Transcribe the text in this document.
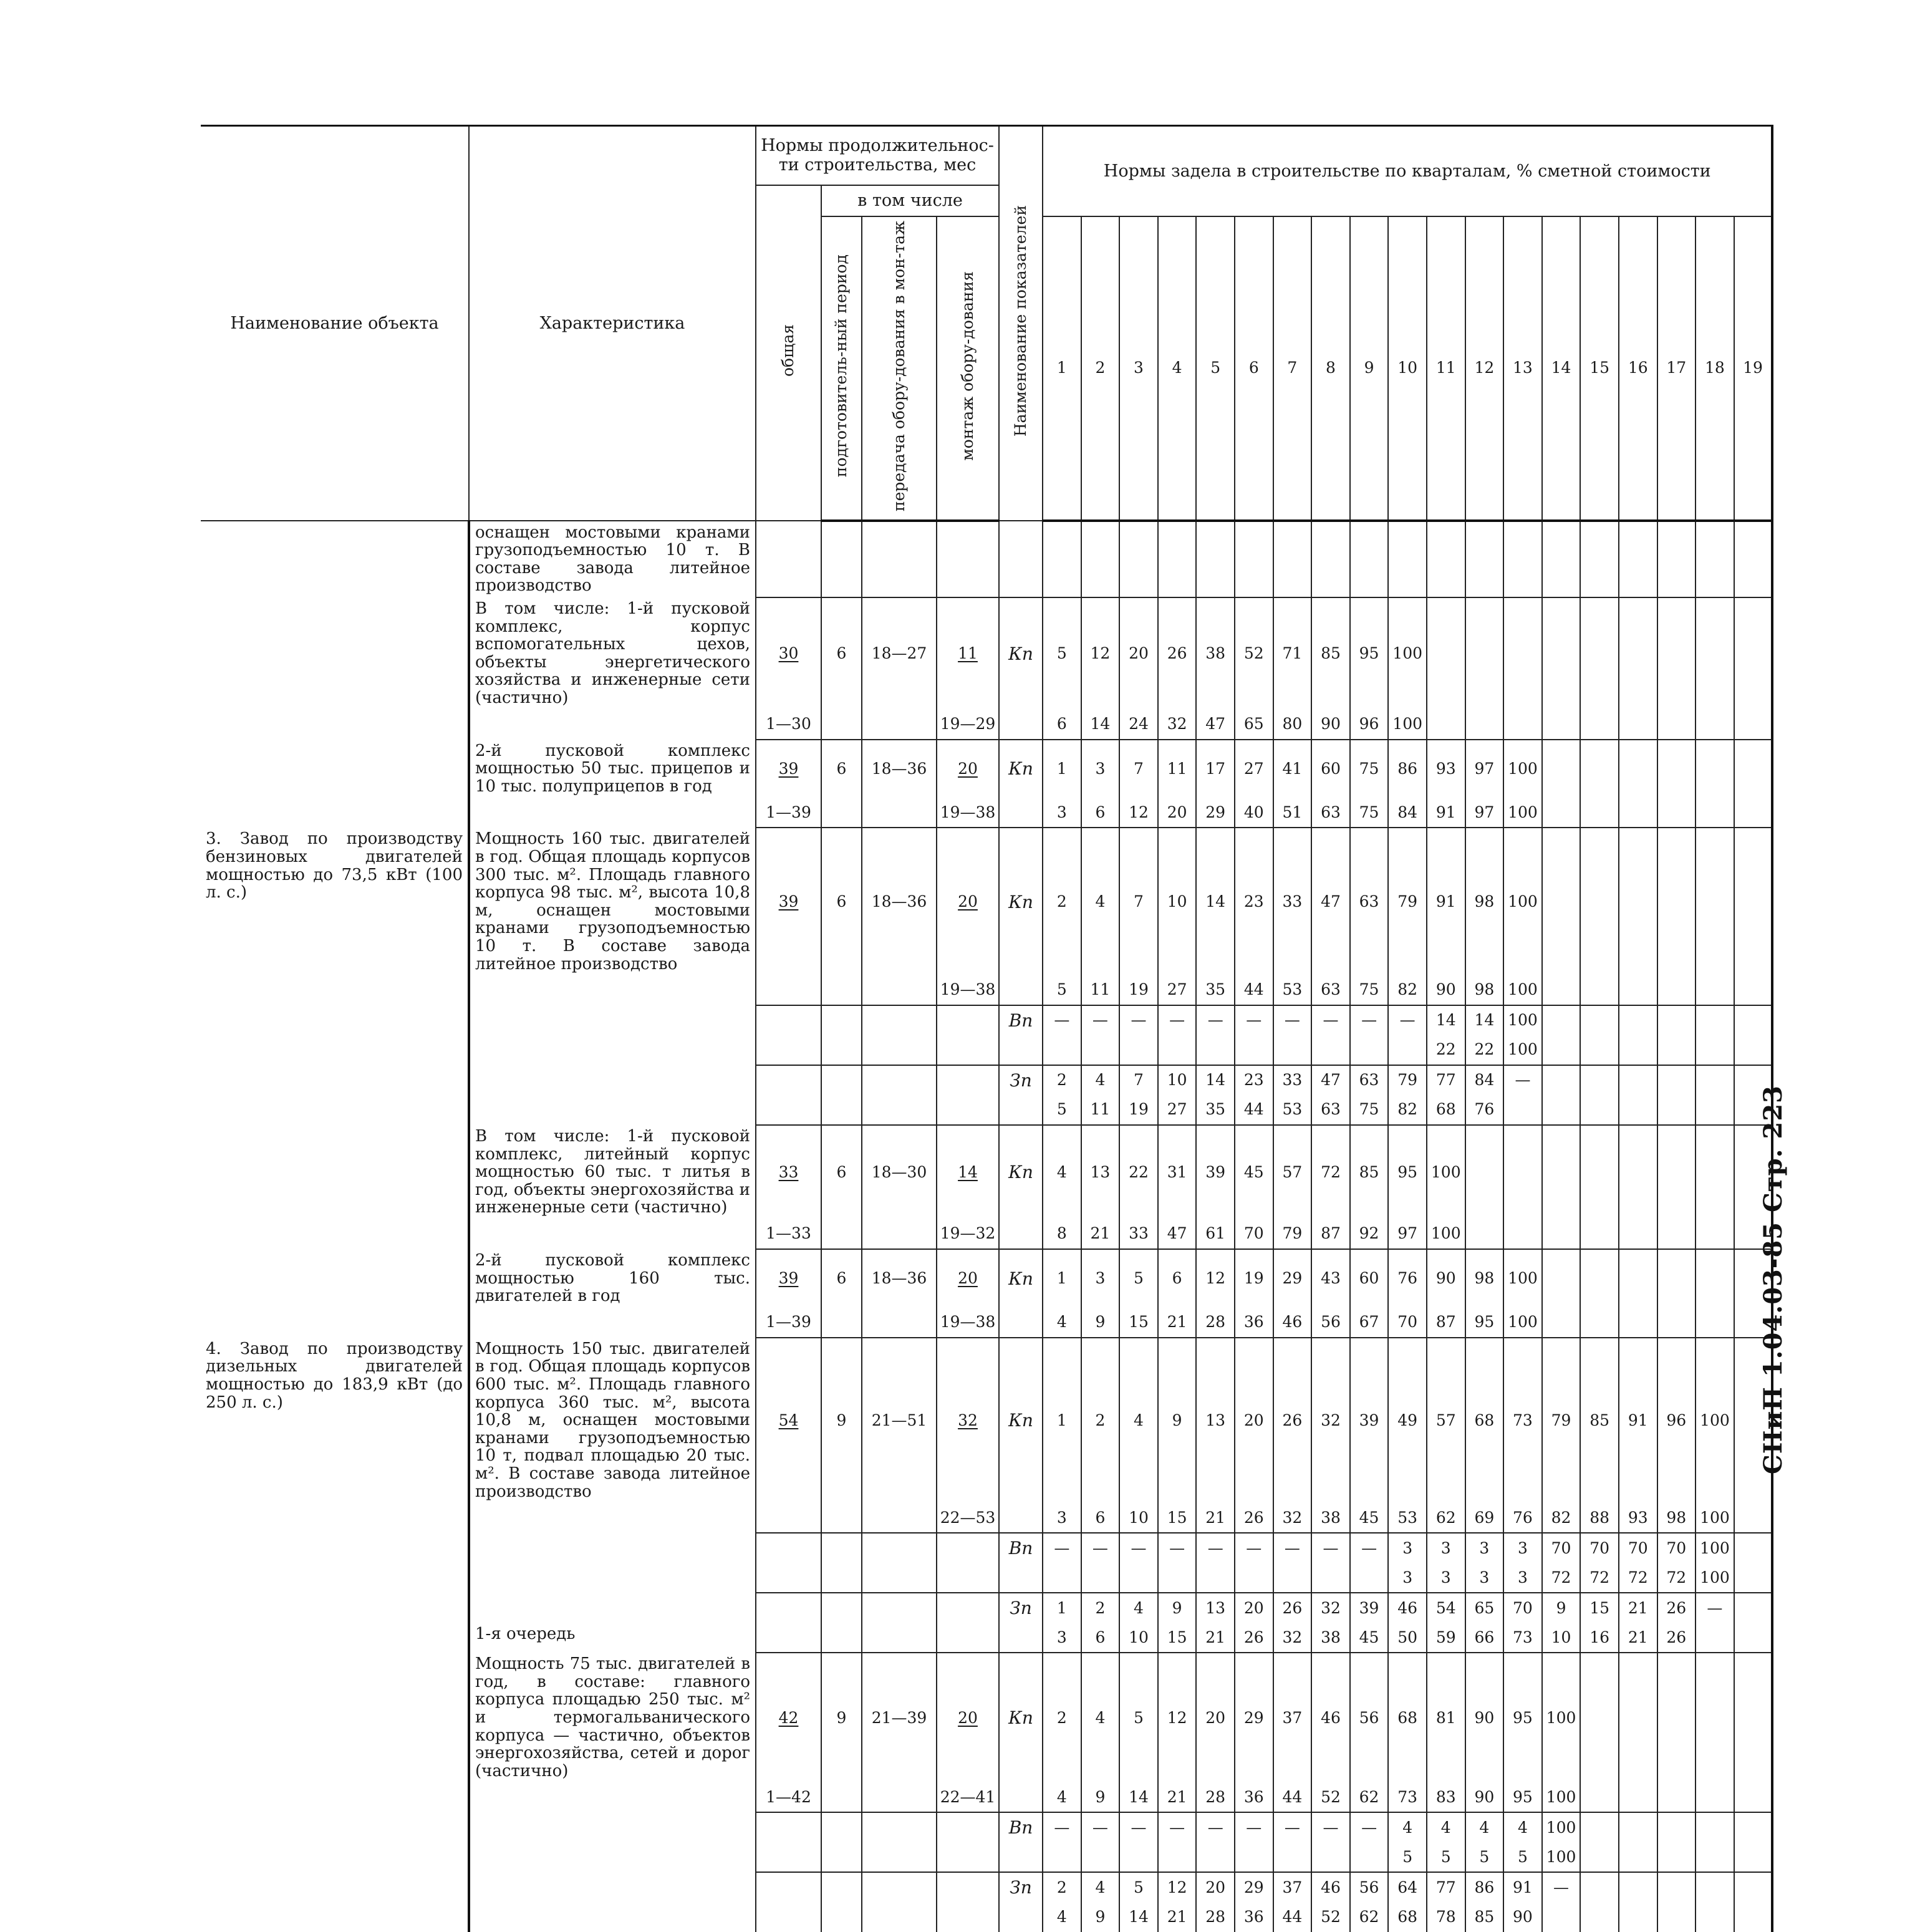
Наименование объекта	Характеристика	Нормы продолжительнос-ти строительства, мес				Наименование показателей	Нормы задела в строительстве по кварталам, % сметной стоимости																		
		общая	в том числе																						
			подготовитель-ный период	передача обору-дования в мон-таж	монтаж обору-дования		1	2	3	4	5	6	7	8	9	10	11	12	13	14	15	16	17	18	19
	оснащен мостовыми кранами грузоподъемностью 10 т. В составе завода литейное производство																								
	В том числе: 1-й пусковой комплекс, корпус вспомогательных цехов, объекты энергетического хозяйства и инженерные сети (частично)	30	6	18—27	11	Кп	5	12	20	26	38	52	71	85	95	100									
		1—30			19—29		6	14	24	32	47	65	80	90	96	100									
	2-й пусковой комплекс мощностью 50 тыс. прицепов и 10 тыс. полуприцепов в год	39	6	18—36	20	Кп	1	3	7	11	17	27	41	60	75	86	93	97	100						
		1—39			19—38		3	6	12	20	29	40	51	63	75	84	91	97	100						
3. Завод по производству бензиновых двигателей мощностью до 73,5 кВт (100 л. с.)	Мощность 160 тыс. двигателей в год. Общая площадь корпусов 300 тыс. м². Площадь главного корпуса 98 тыс. м², высота 10,8 м, оснащен мостовыми кранами грузоподъемностью 10 т. В составе завода литейное производство	39	6	18—36	20	Кп	2	4	7	10	14	23	33	47	63	79	91	98	100						
					19—38		5	11	19	27	35	44	53	63	75	82	90	98	100						
						Вп	—	—	—	—	—	—	—	—	—	—	14	14	100						
																	22	22	100						
						Зп	2	4	7	10	14	23	33	47	63	79	77	84	—						
							5	11	19	27	35	44	53	63	75	82	68	76							
	В том числе: 1-й пусковой комплекс, литейный корпус мощностью 60 тыс. т литья в год, объекты энергохозяйства и инженерные сети (частично)	33	6	18—30	14	Кп	4	13	22	31	39	45	57	72	85	95	100								
		1—33			19—32		8	21	33	47	61	70	79	87	92	97	100								
	2-й пусковой комплекс мощностью 160 тыс. двигателей в год	39	6	18—36	20	Кп	1	3	5	6	12	19	29	43	60	76	90	98	100						
		1—39			19—38		4	9	15	21	28	36	46	56	67	70	87	95	100						
4. Завод по производству дизельных двигателей мощностью до 183,9 кВт (до 250 л. с.)	Мощность 150 тыс. двигателей в год. Общая площадь корпусов 600 тыс. м². Площадь главного корпуса 360 тыс. м², высота 10,8 м, оснащен мостовыми кранами грузоподъемностью 10 т, подвал площадью 20 тыс. м². В составе завода литейное производство	54	9	21—51	32	Кп	1	2	4	9	13	20	26	32	39	49	57	68	73	79	85	91	96	100	
					22—53		3	6	10	15	21	26	32	38	45	53	62	69	76	82	88	93	98	100	
						Вп	—	—	—	—	—	—	—	—	—	3	3	3	3	70	70	70	70	100	
																3	3	3	3	72	72	72	72	100	
						Зп	1	2	4	9	13	20	26	32	39	46	54	65	70	9	15	21	26	—	
	1-я очередь						3	6	10	15	21	26	32	38	45	50	59	66	73	10	16	21	26		
	Мощность 75 тыс. двигателей в год, в составе: главного корпуса площадью 250 тыс. м² и термогальванического корпуса — частично, объектов энергохозяйства, сетей и дорог (частично)	42	9	21—39	20	Кп	2	4	5	12	20	29	37	46	56	68	81	90	95	100					
		1—42			22—41		4	9	14	21	28	36	44	52	62	73	83	90	95	100					
						Вп	—	—	—	—	—	—	—	—	—	4	4	4	4	100					
																5	5	5	5	100					
						Зп	2	4	5	12	20	29	37	46	56	64	77	86	91	—					
							4	9	14	21	28	36	44	52	62	68	78	85	90						
СНиП 1.04.03-85 Стр. 223
